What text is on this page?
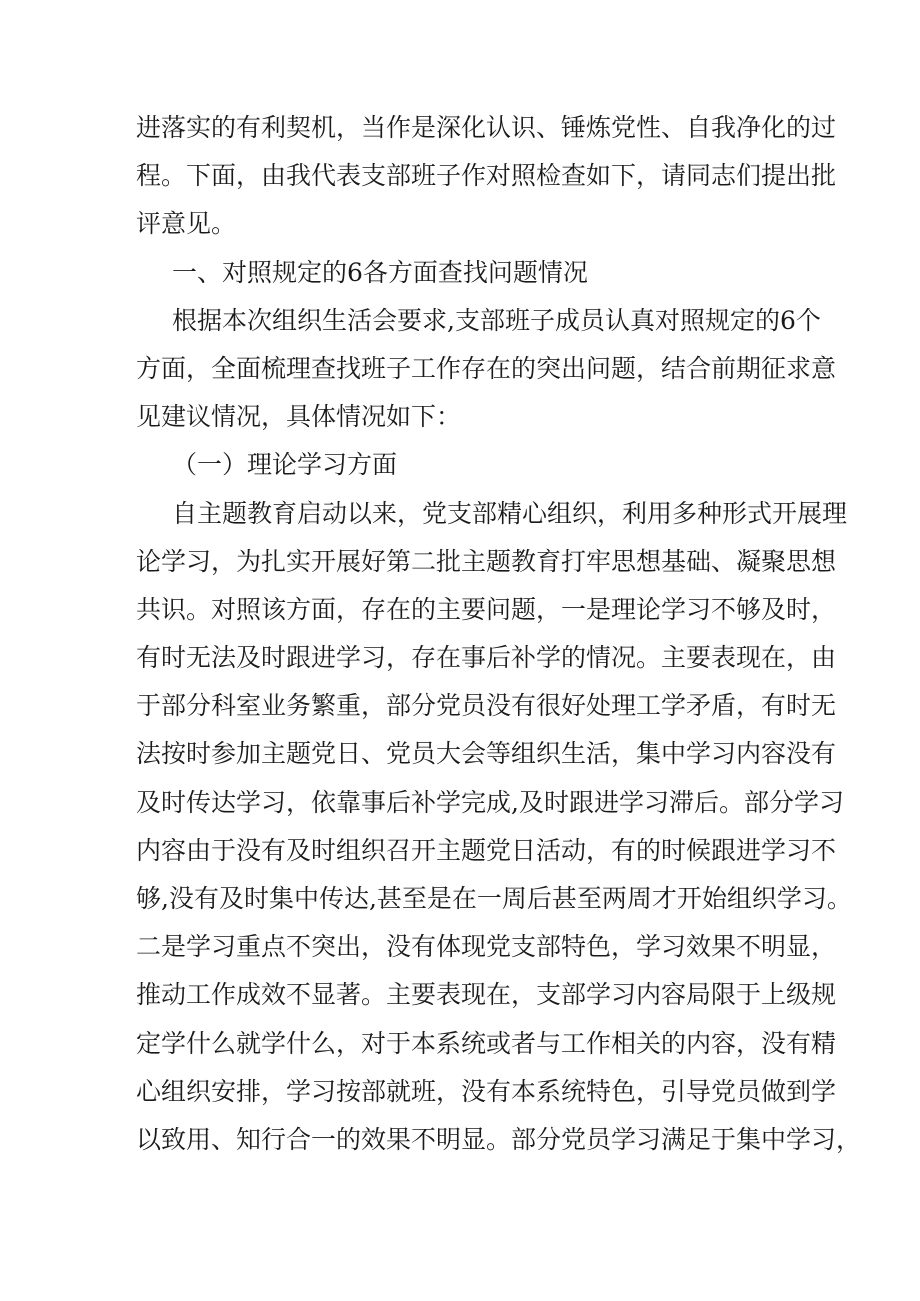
进落实的有利契机，当作是深化认识、锤炼党性、自我净化的过
程。下面，由我代表支部班子作对照检查如下，请同志们提出批
评意见。
一、对照规定的6各方面查找问题情况
根据本次组织生活会要求,支部班子成员认真对照规定的6个
方面，全面梳理查找班子工作存在的突出问题，结合前期征求意
见建议情况，具体情况如下：
（一）理论学习方面
自主题教育启动以来，党支部精心组织，利用多种形式开展理
论学习，为扎实开展好第二批主题教育打牢思想基础、凝聚思想
共识。对照该方面，存在的主要问题，一是理论学习不够及时，
有时无法及时跟进学习，存在事后补学的情况。主要表现在，由
于部分科室业务繁重，部分党员没有很好处理工学矛盾，有时无
法按时参加主题党日、党员大会等组织生活，集中学习内容没有
及时传达学习，依靠事后补学完成,及时跟进学习滞后。部分学习
内容由于没有及时组织召开主题党日活动，有的时候跟进学习不
够,没有及时集中传达,甚至是在一周后甚至两周才开始组织学习。
二是学习重点不突出，没有体现党支部特色，学习效果不明显，
推动工作成效不显著。主要表现在，支部学习内容局限于上级规
定学什么就学什么，对于本系统或者与工作相关的内容，没有精
心组织安排，学习按部就班，没有本系统特色，引导党员做到学
以致用、知行合一的效果不明显。部分党员学习满足于集中学习，
